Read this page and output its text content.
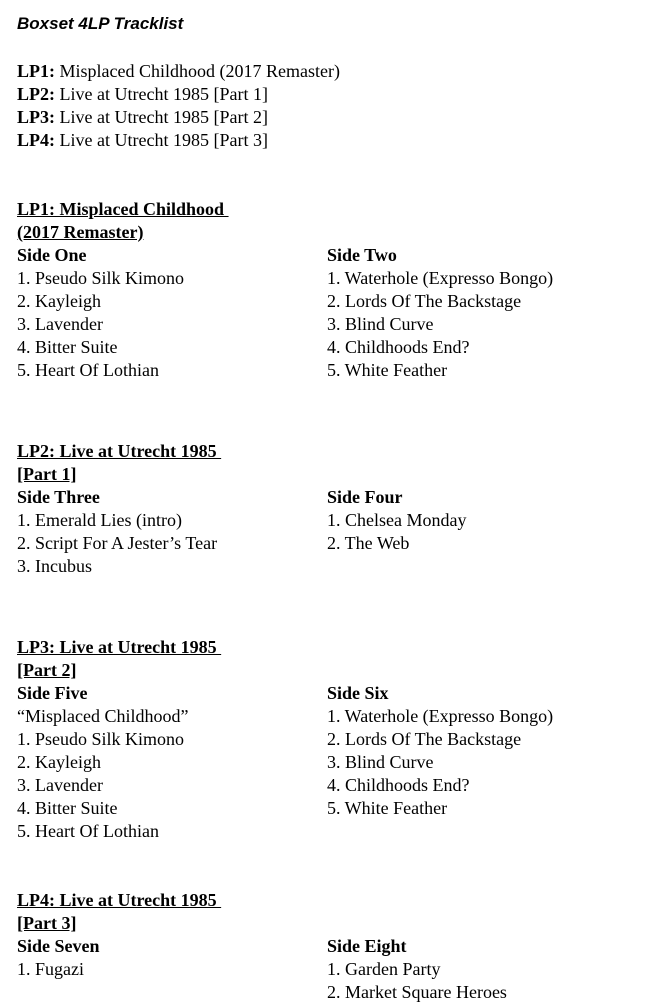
Boxset 4LP Tracklist
LP1: Misplaced Childhood (2017 Remaster)
LP2: Live at Utrecht 1985 [Part 1]
LP3: Live at Utrecht 1985 [Part 2]
LP4: Live at Utrecht 1985 [Part 3]
LP1: Misplaced Childhood
(2017 Remaster)
Side One
1. Pseudo Silk Kimono
2. Kayleigh
3. Lavender
4. Bitter Suite
5. Heart Of Lothian
Side Two
1. Waterhole (Expresso Bongo)
2. Lords Of The Backstage
3. Blind Curve
4. Childhoods End?
5. White Feather
LP2: Live at Utrecht 1985
[Part 1]
Side Three
1. Emerald Lies (intro)
2. Script For A Jester’s Tear
3. Incubus
Side Four
1. Chelsea Monday
2. The Web
LP3: Live at Utrecht 1985
[Part 2]
Side Five
“Misplaced Childhood”
1. Pseudo Silk Kimono
2. Kayleigh
3. Lavender
4. Bitter Suite
5. Heart Of Lothian
Side Six
1. Waterhole (Expresso Bongo)
2. Lords Of The Backstage
3. Blind Curve
4. Childhoods End?
5. White Feather
LP4: Live at Utrecht 1985
[Part 3]
Side Seven
1. Fugazi
Side Eight
1. Garden Party
2. Market Square Heroes
